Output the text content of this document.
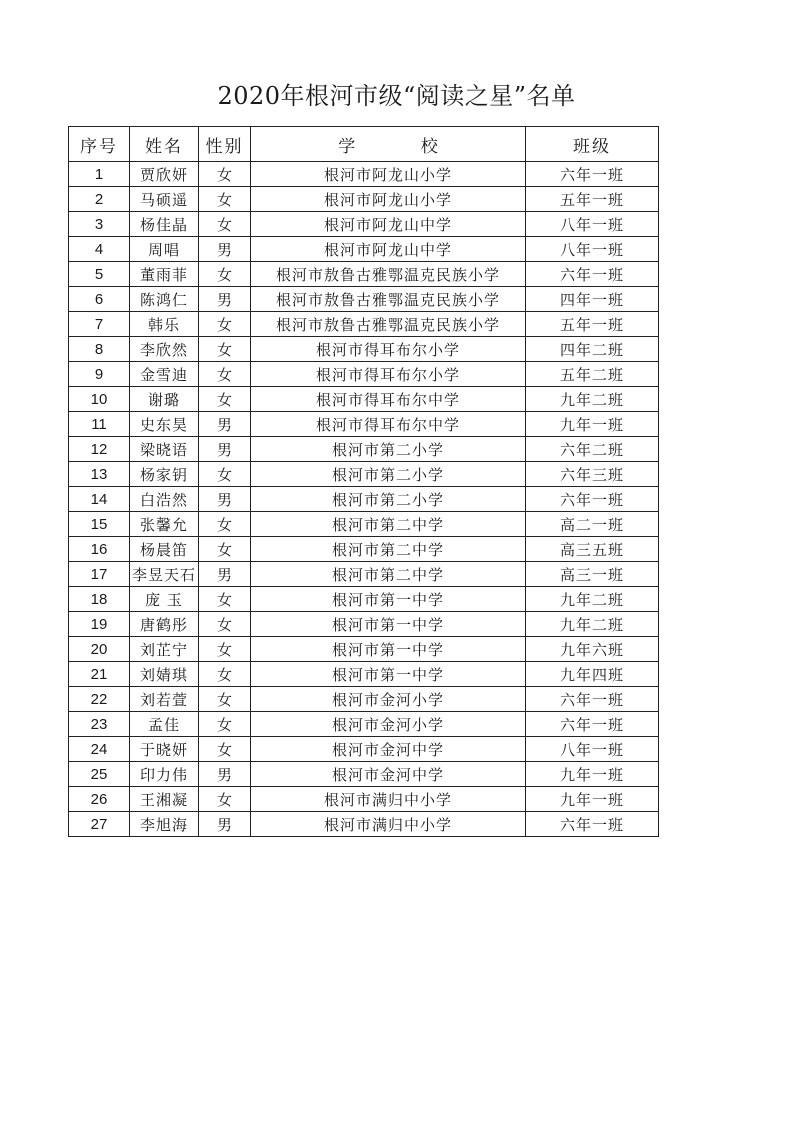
2020年根河市级“阅读之星”名单
序号	姓名	性别	学 校	班级
1	贾欣妍	女	根河市阿龙山小学	六年一班
2	马硕遥	女	根河市阿龙山小学	五年一班
3	杨佳晶	女	根河市阿龙山中学	八年一班
4	周唱	男	根河市阿龙山中学	八年一班
5	董雨菲	女	根河市敖鲁古雅鄂温克民族小学	六年一班
6	陈鸿仁	男	根河市敖鲁古雅鄂温克民族小学	四年一班
7	韩乐	女	根河市敖鲁古雅鄂温克民族小学	五年一班
8	李欣然	女	根河市得耳布尔小学	四年二班
9	金雪迪	女	根河市得耳布尔小学	五年二班
10	谢璐	女	根河市得耳布尔中学	九年二班
11	史东昊	男	根河市得耳布尔中学	九年一班
12	梁晓语	男	根河市第二小学	六年二班
13	杨家钥	女	根河市第二小学	六年三班
14	白浩然	男	根河市第二小学	六年一班
15	张馨允	女	根河市第二中学	高二一班
16	杨晨笛	女	根河市第二中学	高三五班
17	李昱天石	男	根河市第二中学	高三一班
18	庞 玉	女	根河市第一中学	九年二班
19	唐鹤彤	女	根河市第一中学	九年二班
20	刘芷宁	女	根河市第一中学	九年六班
21	刘婧琪	女	根河市第一中学	九年四班
22	刘若萱	女	根河市金河小学	六年一班
23	孟佳	女	根河市金河小学	六年一班
24	于晓妍	女	根河市金河中学	八年一班
25	印力伟	男	根河市金河中学	九年一班
26	王湘凝	女	根河市满归中小学	九年一班
27	李旭海	男	根河市满归中小学	六年一班
